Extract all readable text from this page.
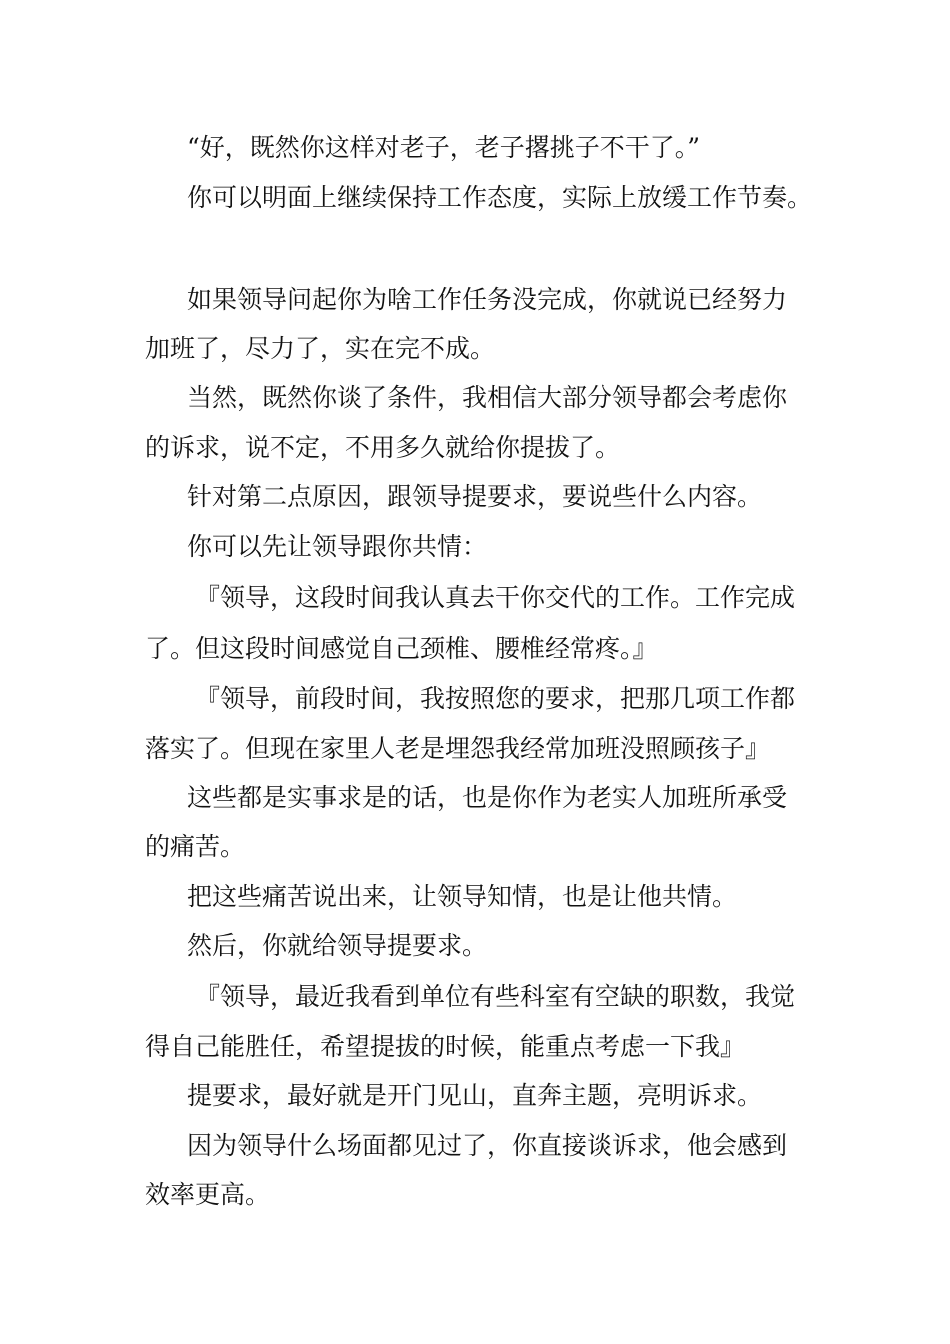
“好，既然你这样对老子，老子撂挑子不干了。”

你可以明面上继续保持工作态度，实际上放缓工作节奏。

如果领导问起你为啥工作任务没完成，你就说已经努力

加班了，尽力了，实在完不成。

当然，既然你谈了条件，我相信大部分领导都会考虑你

的诉求，说不定，不用多久就给你提拔了。

针对第二点原因，跟领导提要求，要说些什么内容。

你可以先让领导跟你共情：

『领导，这段时间我认真去干你交代的工作。工作完成

了。但这段时间感觉自己颈椎、腰椎经常疼。』

『领导，前段时间，我按照您的要求，把那几项工作都

落实了。但现在家里人老是埋怨我经常加班没照顾孩子』

这些都是实事求是的话，也是你作为老实人加班所承受

的痛苦。

把这些痛苦说出来，让领导知情，也是让他共情。

然后，你就给领导提要求。

『领导，最近我看到单位有些科室有空缺的职数，我觉

得自己能胜任，希望提拔的时候，能重点考虑一下我』

提要求，最好就是开门见山，直奔主题，亮明诉求。

因为领导什么场面都见过了，你直接谈诉求，他会感到

效率更高。
